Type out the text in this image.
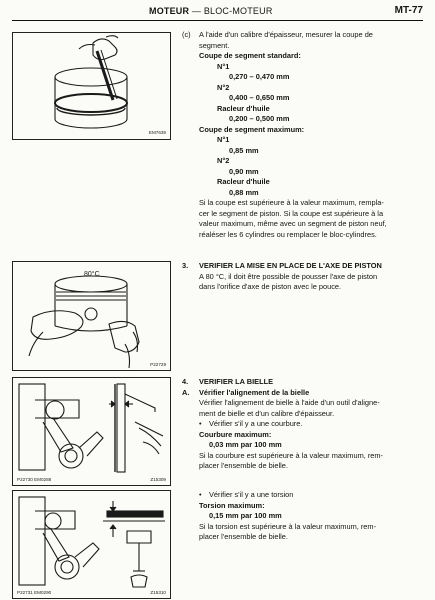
MOTEUR — BLOC-MOTEUR	MT-77
EM7639
80°C
P22729
P22730 EM0288	Z15309
P22731 EM0290	Z15310
(c) A l'aide d'un calibre d'épaisseur, mesurer la coupe de
segment.
Coupe de segment standard:
N°1
0,270 – 0,470 mm
N°2
0,400 – 0,650 mm
Racleur d'huile
0,200 – 0,500 mm
Coupe de segment maximum:
N°1
0,85 mm
N°2
0,90 mm
Racleur d'huile
0,88 mm
Si la coupe est supérieure à la valeur maximum, rempla-
cer le segment de piston. Si la coupe est supérieure à la
valeur maximum, même avec un segment de piston neuf,
réaléser les 6 cylindres ou remplacer le bloc-cylindres.
3. VERIFIER LA MISE EN PLACE DE L'AXE DE PISTON
A 80 °C, il doit être possible de pousser l'axe de piston
dans l'orifice d'axe de piston avec le pouce.
4. VERIFIER LA BIELLE
A. Vérifier l'alignement de la bielle
Vérifier l'alignement de bielle à l'aide d'un outil d'aligne-
ment de bielle et d'un calibre d'épaisseur.
• Vérifier s'il y a une courbure.
Courbure maximum:
0,03 mm par 100 mm
Si la courbure est supérieure à la valeur maximum, rem-
placer l'ensemble de bielle.
• Vérifier s'il y a une torsion
Torsion maximum:
0,15 mm par 100 mm
Si la torsion est supérieure à la valeur maximum, rem-
placer l'ensemble de bielle.
